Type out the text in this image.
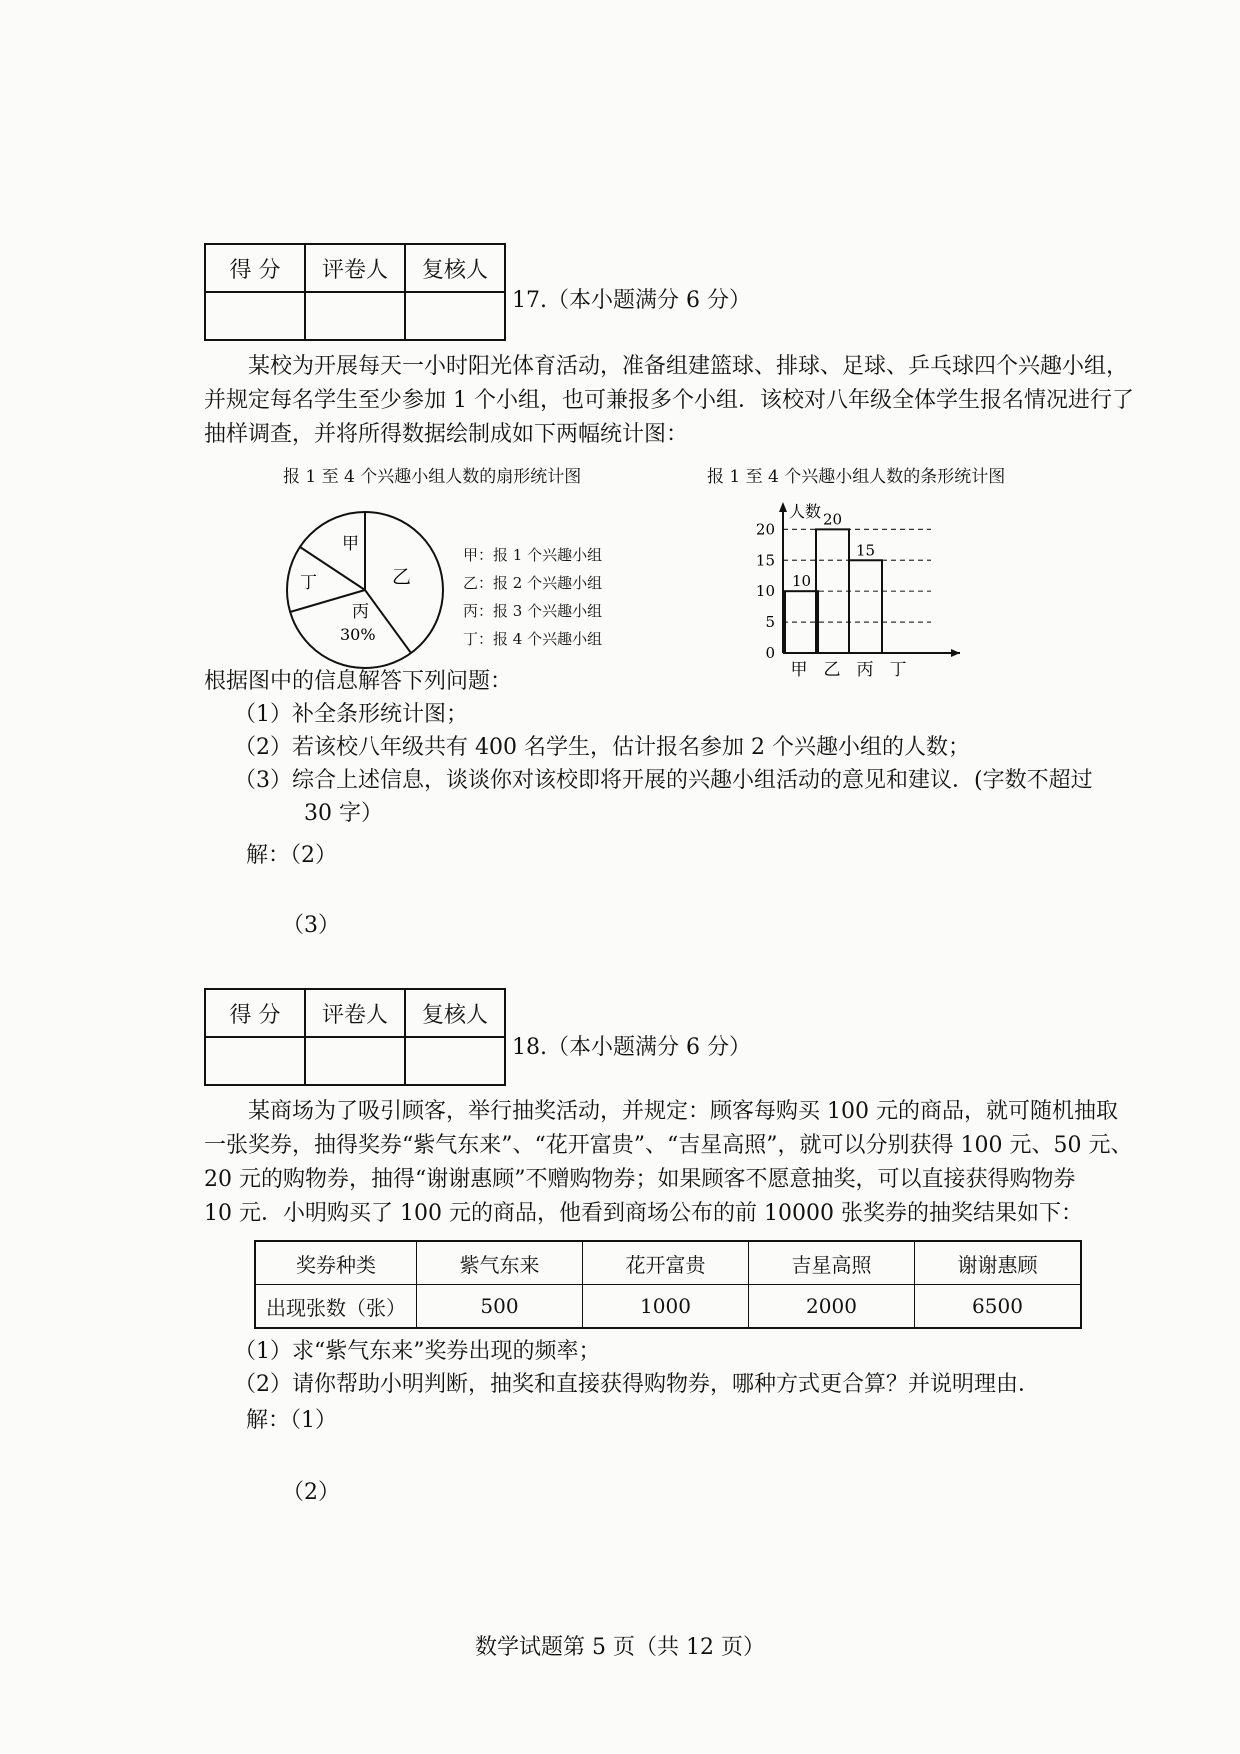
得 分	评卷人	复核人

17.（本小题满分 6 分）

某校为开展每天一小时阳光体育活动，准备组建篮球、排球、足球、乒乓球四个兴趣小组，并规定每名学生至少参加 1 个小组，也可兼报多个小组．该校对八年级全体学生报名情况进行了抽样调查，并将所得数据绘制成如下两幅统计图：

报 1 至 4 个兴趣小组人数的扇形统计图	报 1 至 4 个兴趣小组人数的条形统计图
甲
乙
丙
30%
丁
甲：报 1 个兴趣小组
乙：报 2 个兴趣小组
丙：报 3 个兴趣小组
丁：报 4 个兴趣小组
10
20
15
人数
0
5
10
15
20
甲 乙 丙 丁

根据图中的信息解答下列问题：

（1）补全条形统计图；

（2）若该校八年级共有 400 名学生，估计报名参加 2 个兴趣小组的人数；

（3）综合上述信息，谈谈你对该校即将开展的兴趣小组活动的意见和建议．(字数不超过

30 字）

解：（2）
（3）
得 分	评卷人	复核人

18.（本小题满分 6 分）

某商场为了吸引顾客，举行抽奖活动，并规定：顾客每购买 100 元的商品，就可随机抽取

一张奖券，抽得奖券“紫气东来”、“花开富贵”、“吉星高照”，就可以分别获得 100 元、50 元、

20 元的购物券，抽得“谢谢惠顾”不赠购物券；如果顾客不愿意抽奖，可以直接获得购物券

10 元．小明购买了 100 元的商品，他看到商场公布的前 10000 张奖券的抽奖结果如下：

奖券种类	紫气东来	花开富贵	吉星高照	谢谢惠顾
出现张数（张）	500	1000	2000	6500

（1）求“紫气东来”奖券出现的频率；

（2）请你帮助小明判断，抽奖和直接获得购物券，哪种方式更合算？并说明理由．

解：（1）
（2）
数学试题第 5 页（共 12 页）
